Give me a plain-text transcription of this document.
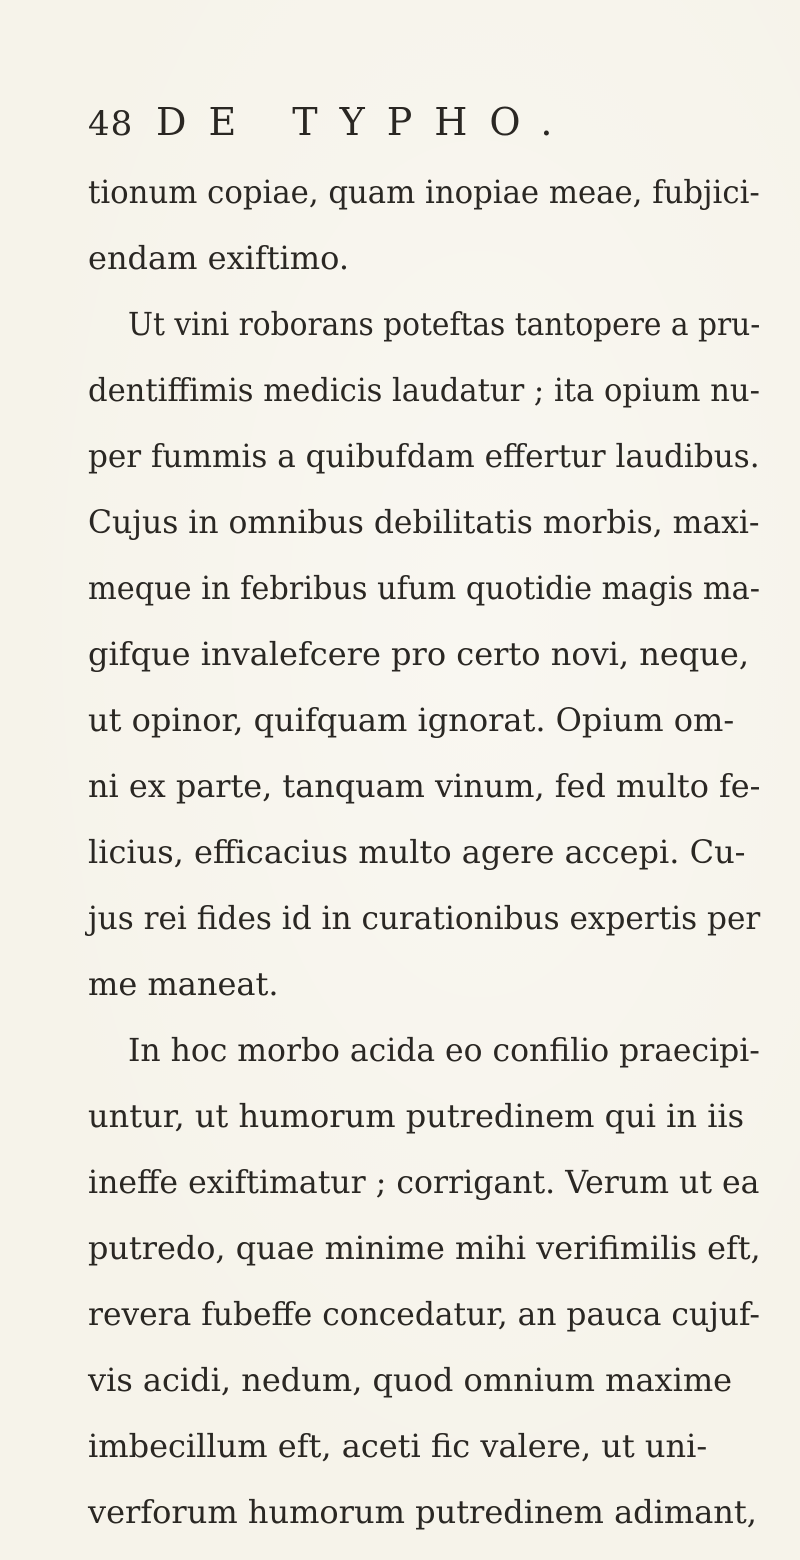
48 DE TYPHO.
tionum copiae, quam inopiae meae, fubjici-
endam exiftimo.
Ut vini roborans poteftas tantopere a pru-
dentiffimis medicis laudatur ; ita opium nu-
per fummis a quibufdam effertur laudibus.
Cujus in omnibus debilitatis morbis, maxi-
meque in febribus ufum quotidie magis ma-
gifque invalefcere pro certo novi, neque,
ut opinor, quifquam ignorat. Opium om-
ni ex parte, tanquam vinum, fed multo fe-
licius, efficacius multo agere accepi. Cu-
jus rei fides id in curationibus expertis per
me maneat.
In hoc morbo acida eo confilio praecipi-
untur, ut humorum putredinem qui in iis
ineffe exiftimatur ; corrigant. Verum ut ea
putredo, quae minime mihi verifimilis eft,
revera fubeffe concedatur, an pauca cujuf-
vis acidi, nedum, quod omnium maxime
imbecillum eft, aceti fic valere, ut uni-
verforum humorum putredinem adimant,
